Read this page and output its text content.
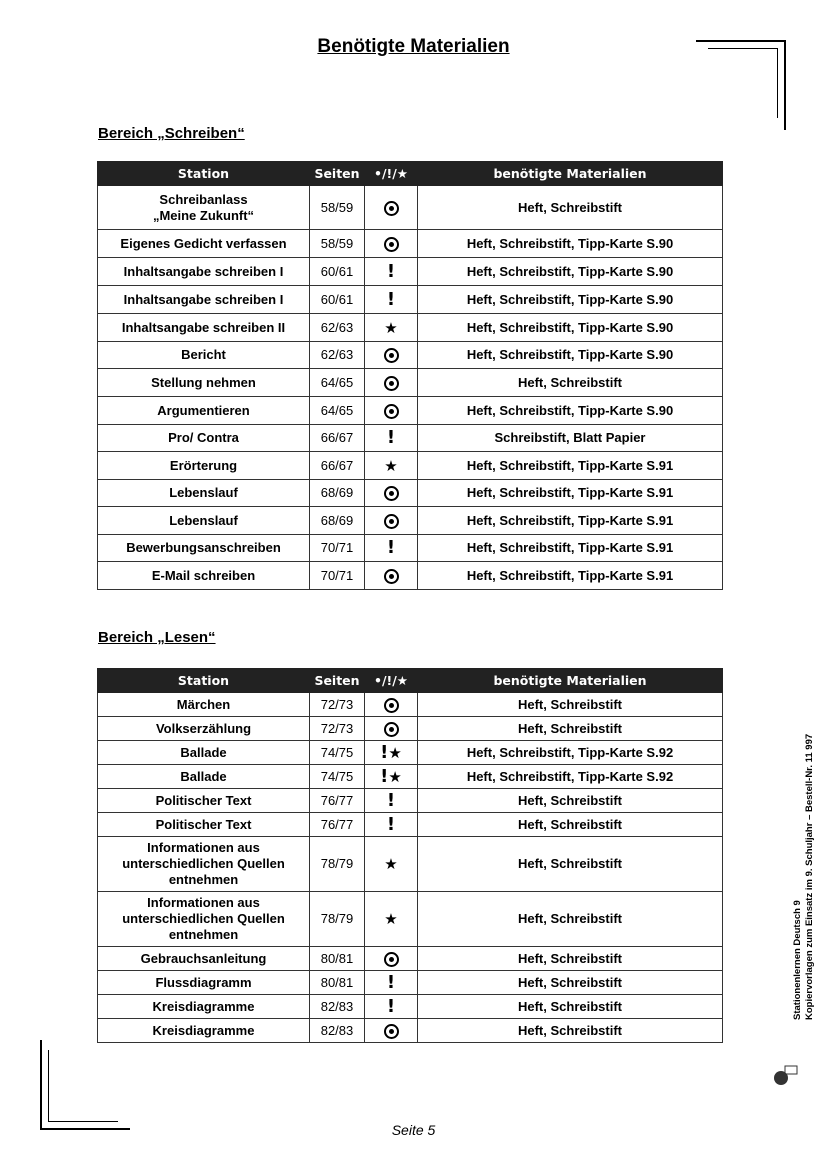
Benötigte Materialien
Bereich „Schreiben“
Station	Seiten	•/!/★	benötigte Materialien
Schreibanlass
„Meine Zukunft“	58/59		Heft, Schreibstift
Eigenes Gedicht verfassen	58/59		Heft, Schreibstift, Tipp-Karte S.90
Inhaltsangabe schreiben I	60/61	!	Heft, Schreibstift, Tipp-Karte S.90
Inhaltsangabe schreiben I	60/61	!	Heft, Schreibstift, Tipp-Karte S.90
Inhaltsangabe schreiben II	62/63	★	Heft, Schreibstift, Tipp-Karte S.90
Bericht	62/63		Heft, Schreibstift, Tipp-Karte S.90
Stellung nehmen	64/65		Heft, Schreibstift
Argumentieren	64/65		Heft, Schreibstift, Tipp-Karte S.90
Pro/ Contra	66/67	!	Schreibstift, Blatt Papier
Erörterung	66/67	★	Heft, Schreibstift, Tipp-Karte S.91
Lebenslauf	68/69		Heft, Schreibstift, Tipp-Karte S.91
Lebenslauf	68/69		Heft, Schreibstift, Tipp-Karte S.91
Bewerbungsanschreiben	70/71	!	Heft, Schreibstift, Tipp-Karte S.91
E-Mail schreiben	70/71		Heft, Schreibstift, Tipp-Karte S.91
Bereich „Lesen“
Station	Seiten	•/!/★	benötigte Materialien
Märchen	72/73		Heft, Schreibstift
Volkserzählung	72/73		Heft, Schreibstift
Ballade	74/75	!★	Heft, Schreibstift, Tipp-Karte S.92
Ballade	74/75	!★	Heft, Schreibstift, Tipp-Karte S.92
Politischer Text	76/77	!	Heft, Schreibstift
Politischer Text	76/77	!	Heft, Schreibstift
Informationen aus
unterschiedlichen Quellen
entnehmen	78/79	★	Heft, Schreibstift
Informationen aus
unterschiedlichen Quellen
entnehmen	78/79	★	Heft, Schreibstift
Gebrauchsanleitung	80/81		Heft, Schreibstift
Flussdiagramm	80/81	!	Heft, Schreibstift
Kreisdiagramme	82/83	!	Heft, Schreibstift
Kreisdiagramme	82/83		Heft, Schreibstift
Stationenlernen Deutsch 9 Kopiervorlagen zum Einsatz im 9. Schuljahr – Bestell-Nr. 11 997
Seite 5
